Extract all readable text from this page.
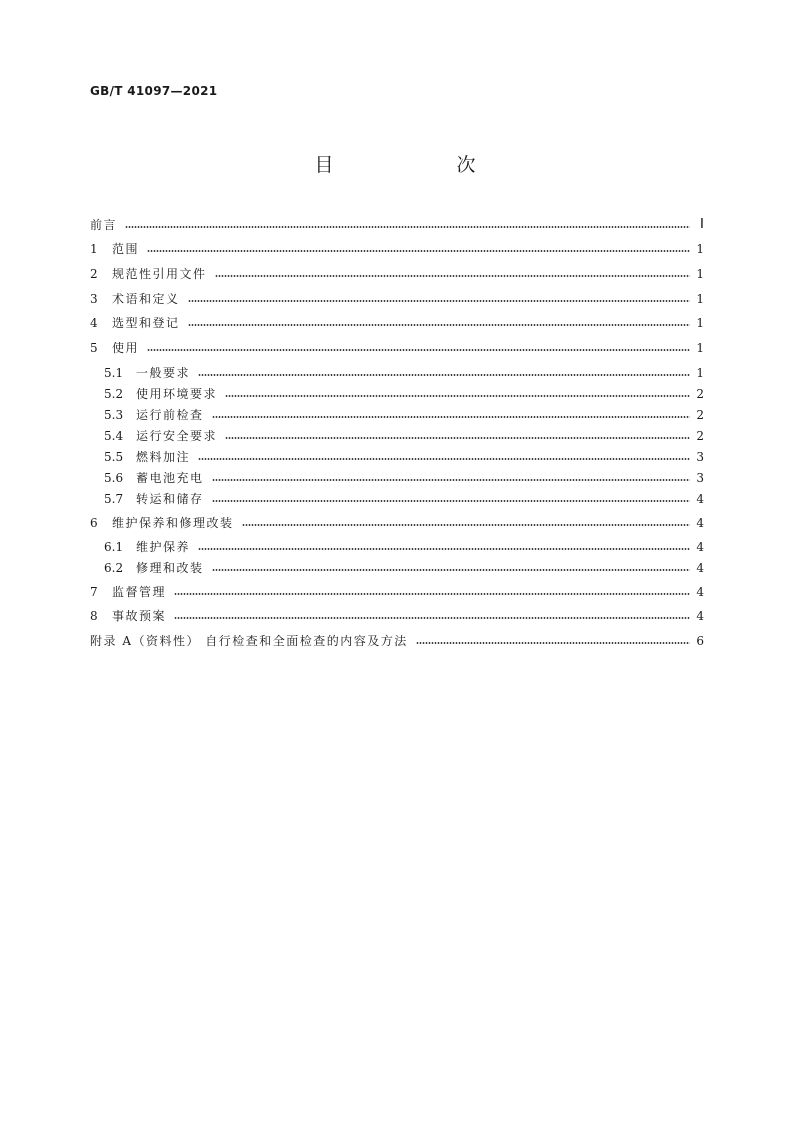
GB/T 41097—2021
目　次
前言	Ⅰ
1	范围	1
2	规范性引用文件	1
3	术语和定义	1
4	选型和登记	1
5	使用	1
5.1	一般要求	1
5.2	使用环境要求	2
5.3	运行前检查	2
5.4	运行安全要求	2
5.5	燃料加注	3
5.6	蓄电池充电	3
5.7	转运和储存	4
6	维护保养和修理改装	4
6.1	维护保养	4
6.2	修理和改装	4
7	监督管理	4
8	事故预案	4
附录 A（资料性） 自行检查和全面检查的内容及方法	6
